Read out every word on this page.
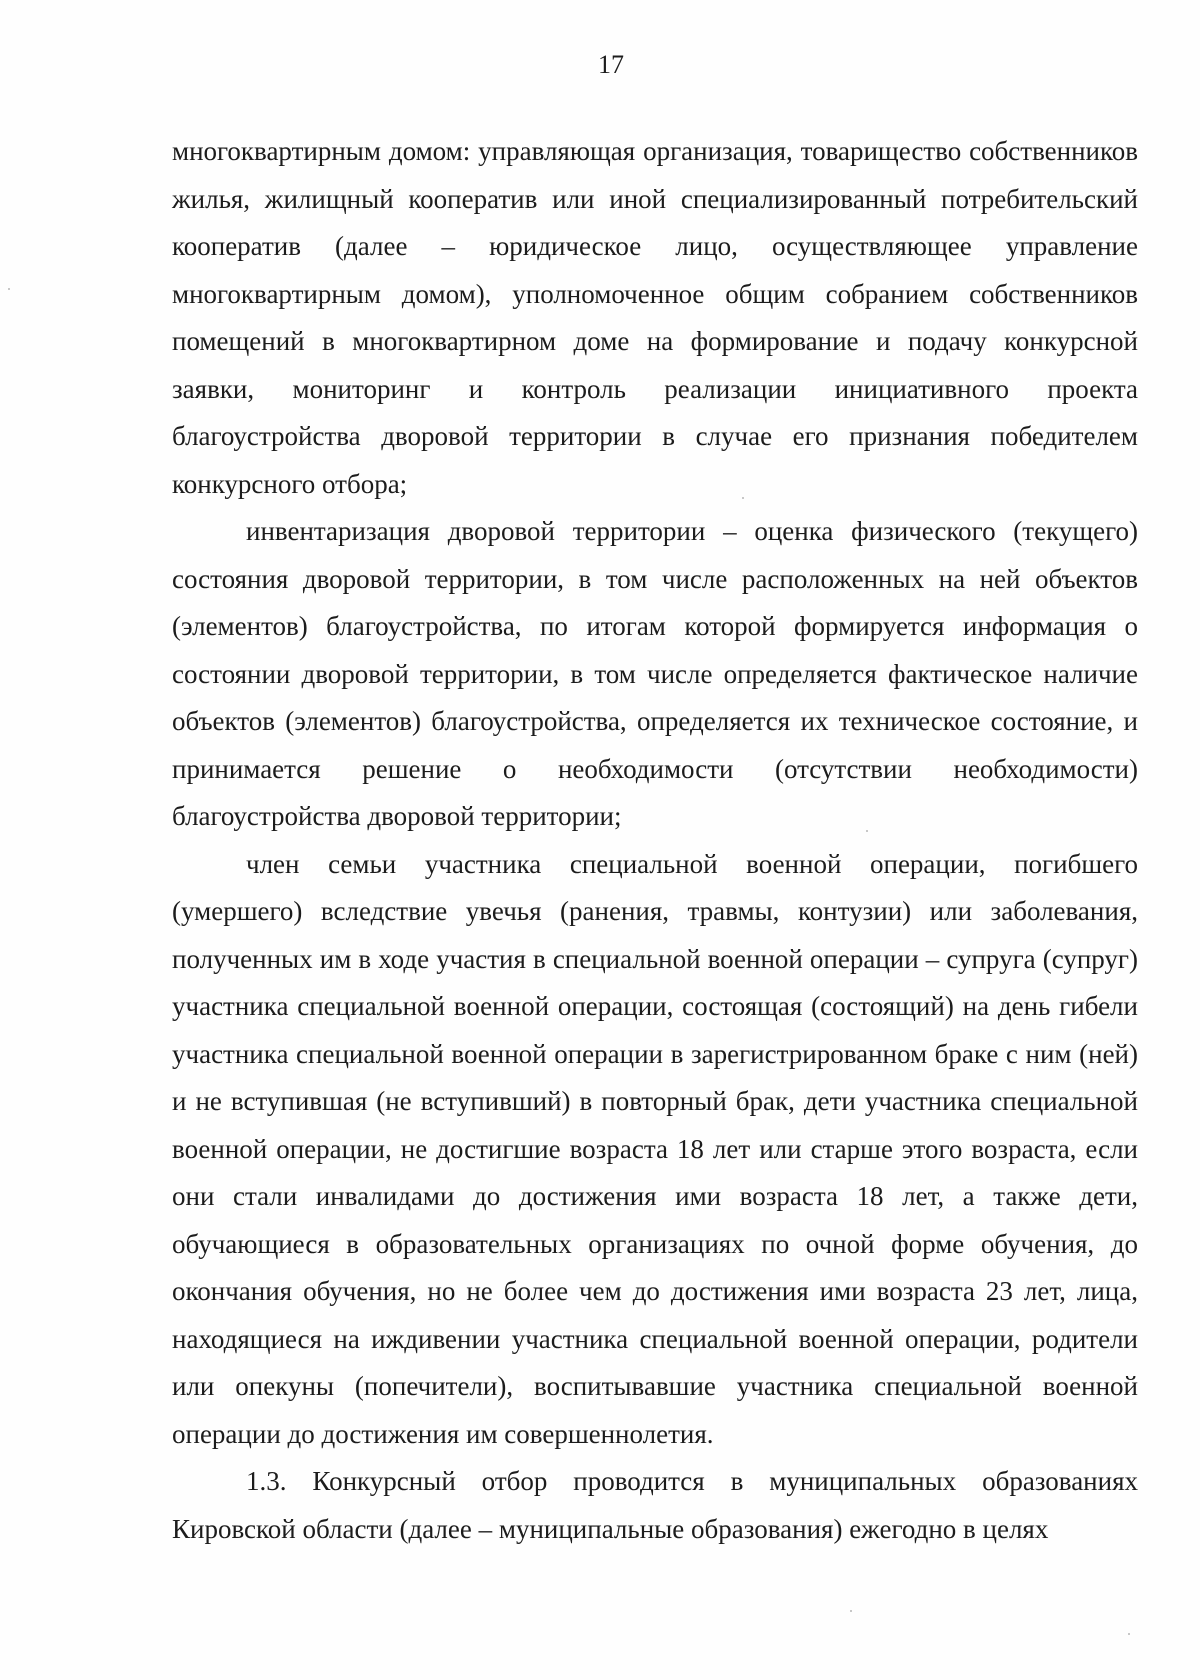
17

многоквартирным домом: управляющая организация, товарищество собственников жилья, жилищный кооператив или иной специализированный потребительский кооператив (далее – юридическое лицо, осуществляющее управление многоквартирным домом), уполномоченное общим собранием собственников помещений в многоквартирном доме на формирование и подачу конкурсной заявки, мониторинг и контроль реализации инициативного проекта благоустройства дворовой территории в случае его признания победителем конкурсного отбора;

инвентаризация дворовой территории – оценка физического (текущего) состояния дворовой территории, в том числе расположенных на ней объектов (элементов) благоустройства, по итогам которой формируется информация о состоянии дворовой территории, в том числе определяется фактическое наличие объектов (элементов) благоустройства, определяется их техническое состояние, и принимается решение о необходимости (отсутствии необходимости) благоустройства дворовой территории;

член семьи участника специальной военной операции, погибшего (умершего) вследствие увечья (ранения, травмы, контузии) или заболевания, полученных им в ходе участия в специальной военной операции – супруга (супруг) участника специальной военной операции, состоящая (состоящий) на день гибели участника специальной военной операции в зарегистрированном браке с ним (ней) и не вступившая (не вступивший) в повторный брак, дети участника специальной военной операции, не достигшие возраста 18 лет или старше этого возраста, если они стали инвалидами до достижения ими возраста 18 лет, а также дети, обучающиеся в образовательных организациях по очной форме обучения, до окончания обучения, но не более чем до достижения ими возраста 23 лет, лица, находящиеся на иждивении участника специальной военной операции, родители или опекуны (попечители), воспитывавшие участника специальной военной операции до достижения им совершеннолетия.

1.3. Конкурсный отбор проводится в муниципальных образованиях Кировской области (далее – муниципальные образования) ежегодно в целях
